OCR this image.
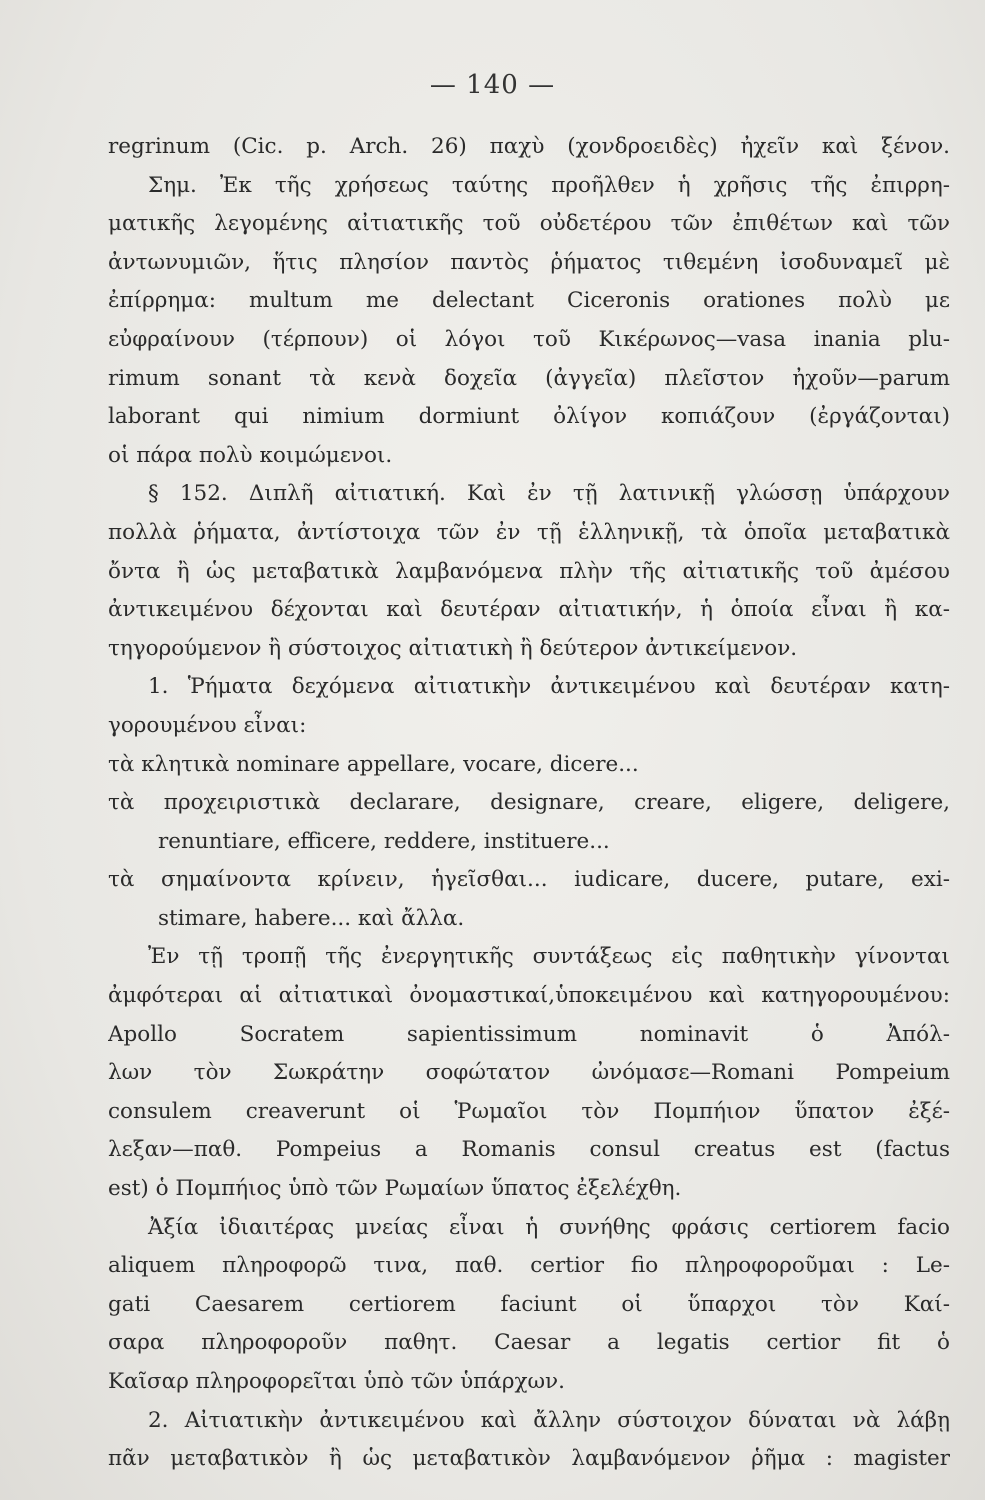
— 140 —
regrinum (Cic. p. Arch. 26) παχὺ (χονδροειδὲς) ἠχεῖν καὶ ξένον.
Σημ. Ἐκ τῆς χρήσεως ταύτης προῆλθεν ἡ χρῆσις τῆς ἐπιρρη-
ματικῆς λεγομένης αἰτιατικῆς τοῦ οὐδετέρου τῶν ἐπιθέτων καὶ τῶν
ἀντωνυμιῶν, ἥτις πλησίον παντὸς ῥήματος τιθεμένη ἰσοδυναμεῖ μὲ
ἐπίρρημα: multum me delectant Ciceronis orationes πολὺ με
εὐφραίνουν (τέρπουν) οἱ λόγοι τοῦ Κικέρωνος—vasa inania plu-
rimum sonant τὰ κενὰ δοχεῖα (ἀγγεῖα) πλεῖστον ἠχοῦν—parum
laborant qui nimium dormiunt ὀλίγον κοπιάζουν (ἐργάζονται)
οἱ πάρα πολὺ κοιμώμενοι.
§ 152. Διπλῆ αἰτιατική. Καὶ ἐν τῇ λατινικῇ γλώσσῃ ὑπάρχουν
πολλὰ ῥήματα, ἀντίστοιχα τῶν ἐν τῇ ἑλληνικῇ, τὰ ὁποῖα μεταβατικὰ
ὄντα ἢ ὡς μεταβατικὰ λαμβανόμενα πλὴν τῆς αἰτιατικῆς τοῦ ἀμέσου
ἀντικειμένου δέχονται καὶ δευτέραν αἰτιατικήν, ἡ ὁποία εἶναι ἢ κα-
τηγορούμενον ἢ σύστοιχος αἰτιατικὴ ἢ δεύτερον ἀντικείμενον.
1. Ῥήματα δεχόμενα αἰτιατικὴν ἀντικειμένου καὶ δευτέραν κατη-
γορουμένου εἶναι:
τὰ κλητικὰ nominare appellare, vocare, dicere...
τὰ προχειριστικὰ declarare, designare, creare, eligere, deligere,
renuntiare, efficere, reddere, instituere...
τὰ σημαίνοντα κρίνειν, ἡγεῖσθαι... iudicare, ducere, putare, exi-
stimare, habere... καὶ ἄλλα.
Ἐν τῇ τροπῇ τῆς ἐνεργητικῆς συντάξεως εἰς παθητικὴν γίνονται
ἀμφότεραι αἱ αἰτιατικαὶ ὀνομαστικαί,ὑποκειμένου καὶ κατηγορουμένου:
Apollo Socratem sapientissimum nominavit ὁ Ἀπόλ-
λων τὸν Σωκράτην σοφώτατον ὠνόμασε—Romani Pompeium
consulem creaverunt οἱ Ῥωμαῖοι τὸν Πομπήιον ὕπατον ἐξέ-
λεξαν—παθ. Pompeius a Romanis consul creatus est (factus
est) ὁ Πομπήιος ὑπὸ τῶν Ρωμαίων ὕπατος ἐξελέχθη.
Ἀξία ἰδιαιτέρας μνείας εἶναι ἡ συνήθης φράσις certiorem facio
aliquem πληροφορῶ τινα, παθ. certior fio πληροφοροῦμαι : Le-
gati Caesarem certiorem faciunt οἱ ὕπαρχοι τὸν Καί-
σαρα πληροφοροῦν παθητ. Caesar a legatis certior fit ὁ
Καῖσαρ πληροφορεῖται ὑπὸ τῶν ὑπάρχων.
2. Αἰτιατικὴν ἀντικειμένου καὶ ἄλλην σύστοιχον δύναται νὰ λάβῃ
πᾶν μεταβατικὸν ἢ ὡς μεταβατικὸν λαμβανόμενον ῥῆμα : magister
